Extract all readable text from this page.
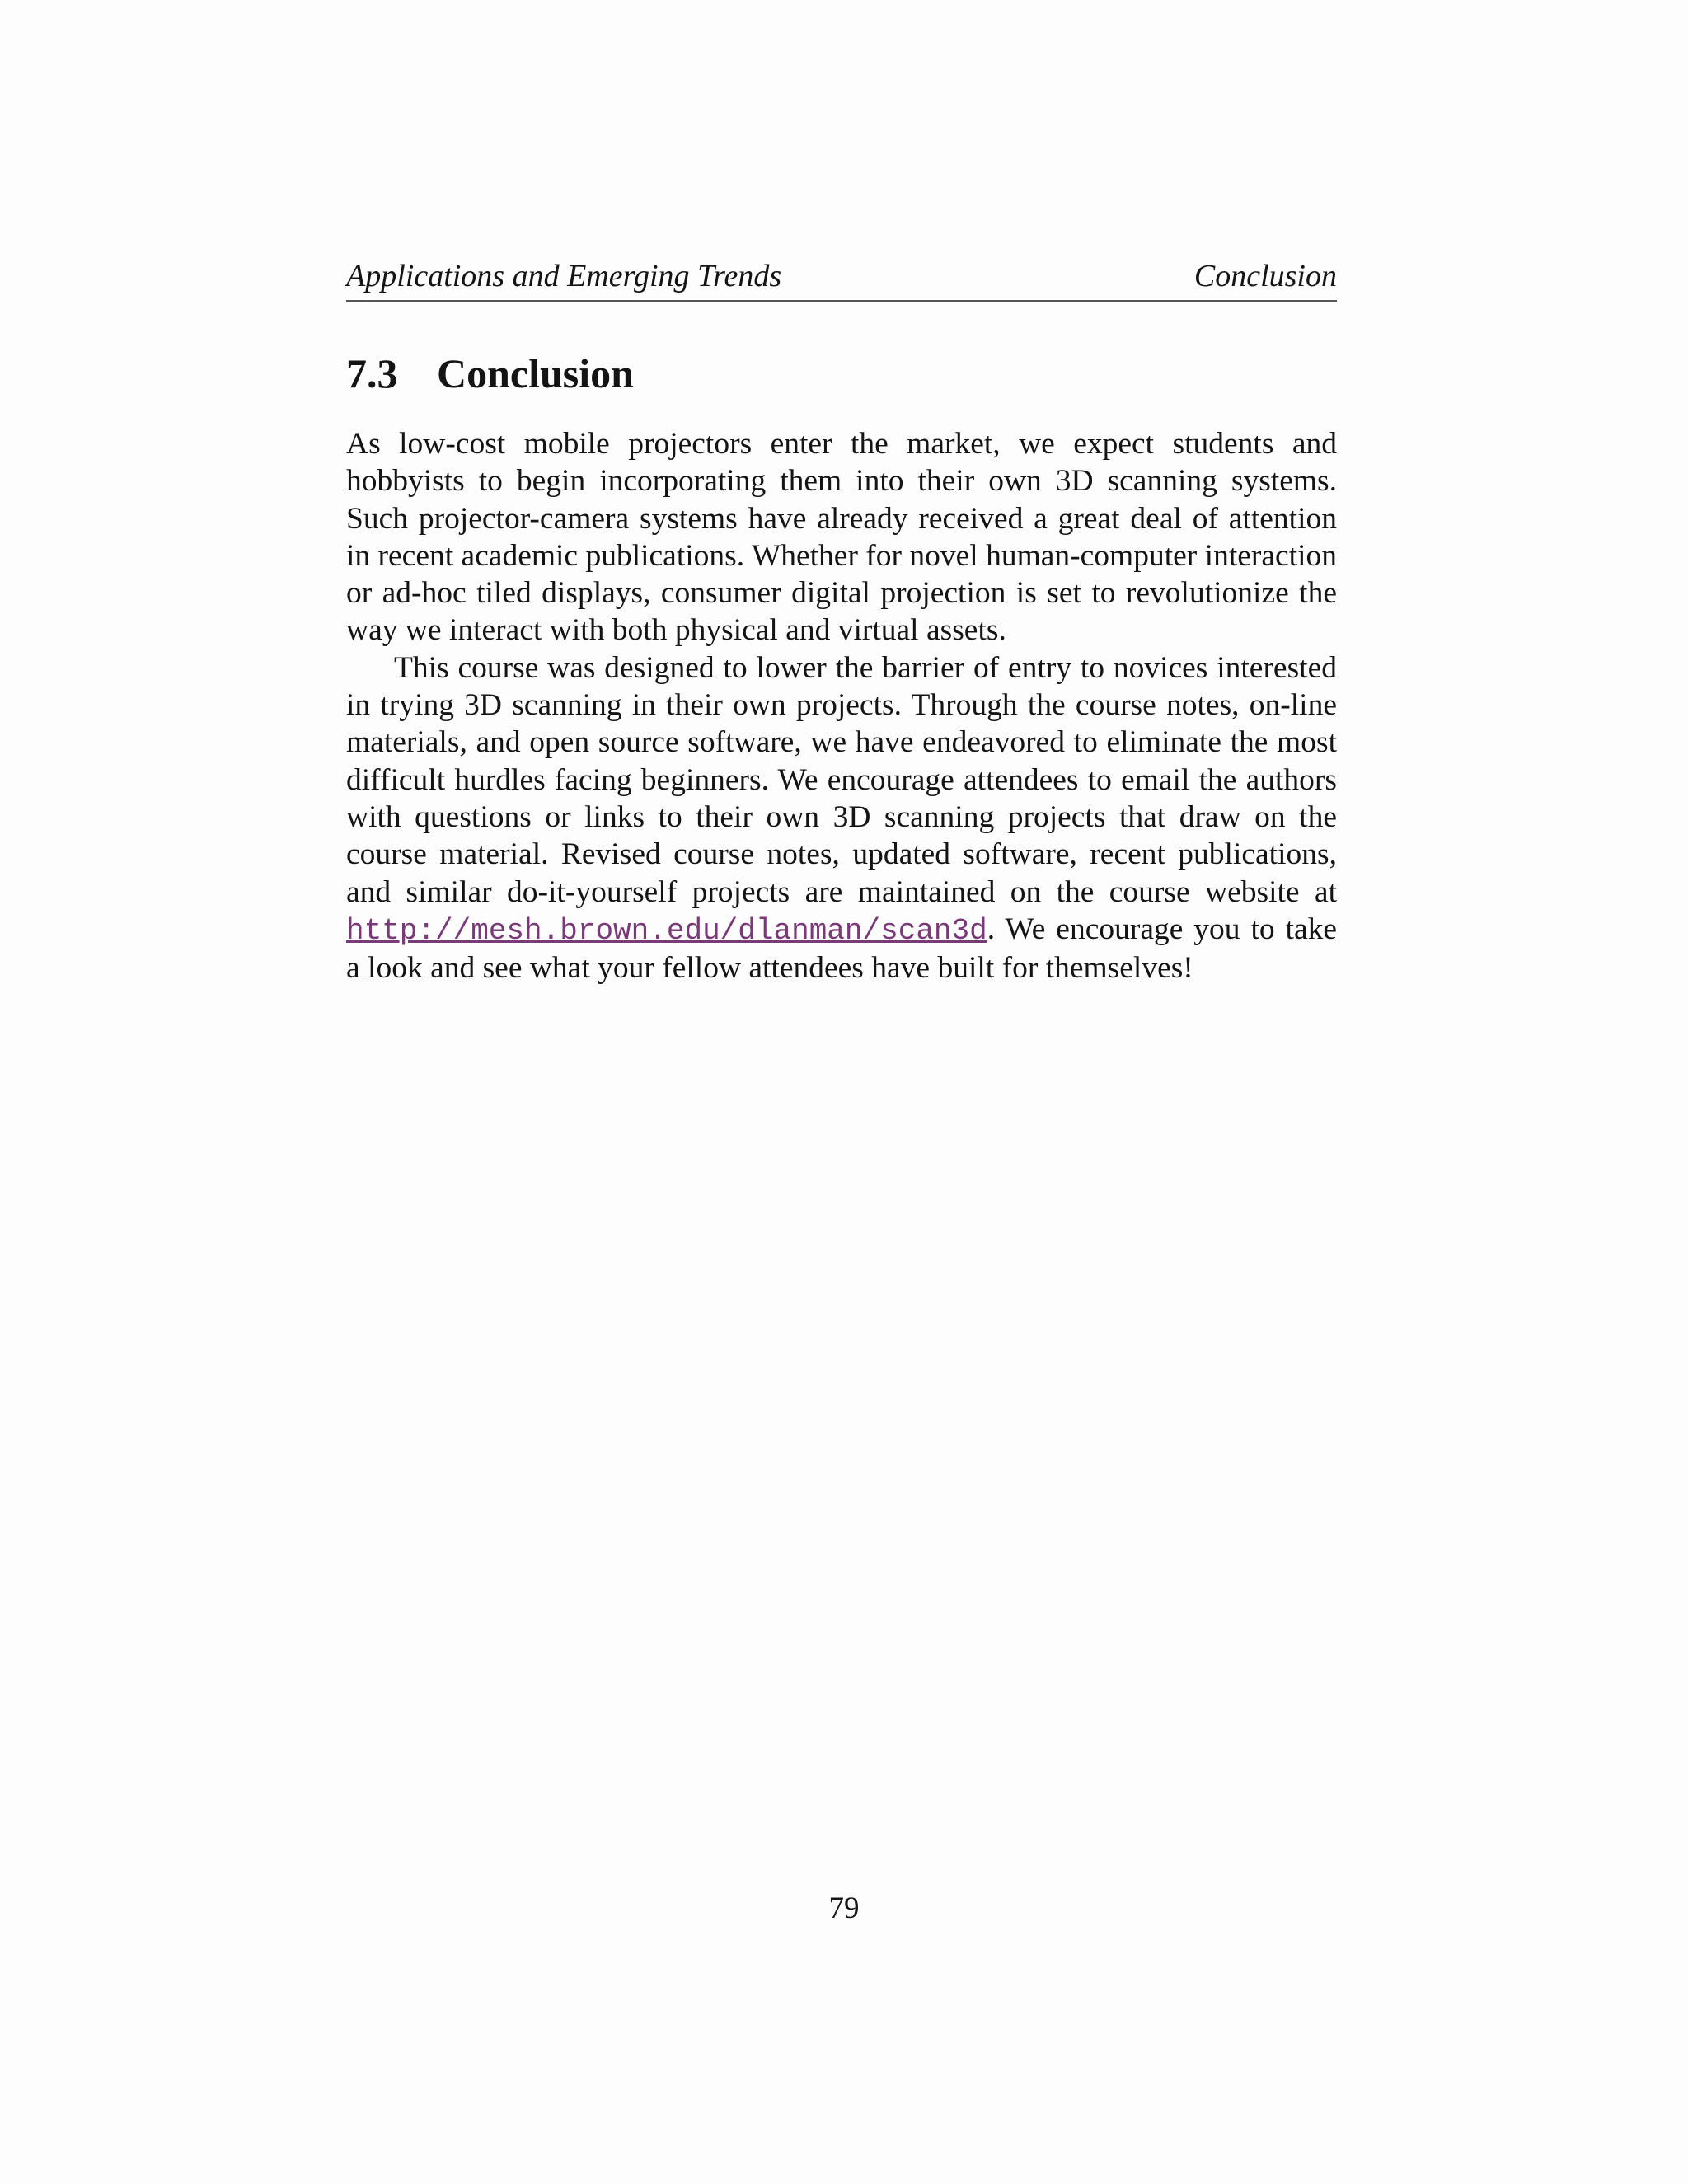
Applications and Emerging Trends	Conclusion
7.3 Conclusion

As low-cost mobile projectors enter the market, we expect students and hobbyists to begin incorporating them into their own 3D scanning systems. Such projector-camera systems have already received a great deal of attention in recent academic publications. Whether for novel human-computer interaction or ad-hoc tiled displays, consumer digital projection is set to revolutionize the way we interact with both physical and virtual assets.

This course was designed to lower the barrier of entry to novices interested in trying 3D scanning in their own projects. Through the course notes, on-line materials, and open source software, we have endeavored to eliminate the most difficult hurdles facing beginners. We encourage attendees to email the authors with questions or links to their own 3D scanning projects that draw on the course material. Revised course notes, updated software, recent publications, and similar do-it-yourself projects are maintained on the course website at http://mesh.brown.edu/dlanman/scan3d. We encourage you to take a look and see what your fellow attendees have built for themselves!

79
